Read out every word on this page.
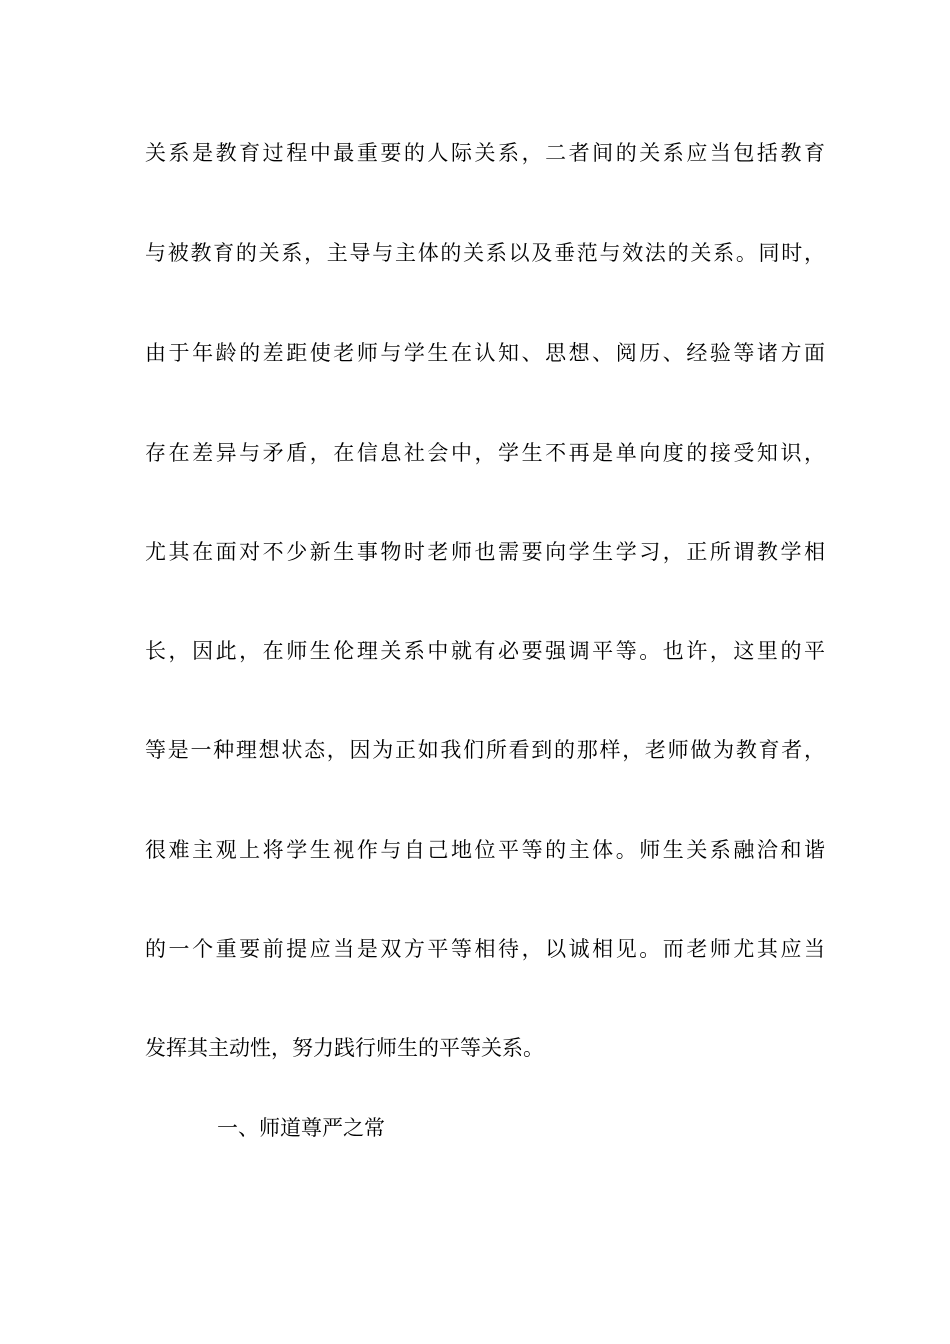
关系是教育过程中最重要的人际关系，二者间的关系应当包括教育
与被教育的关系，主导与主体的关系以及垂范与效法的关系。同时，
由于年龄的差距使老师与学生在认知、思想、阅历、经验等诸方面
存在差异与矛盾，在信息社会中，学生不再是单向度的接受知识，
尤其在面对不少新生事物时老师也需要向学生学习，正所谓教学相
长，因此，在师生伦理关系中就有必要强调平等。也许，这里的平
等是一种理想状态，因为正如我们所看到的那样，老师做为教育者，
很难主观上将学生视作与自己地位平等的主体。师生关系融洽和谐
的一个重要前提应当是双方平等相待，以诚相见。而老师尤其应当
发挥其主动性，努力践行师生的平等关系。
一、师道尊严之常
